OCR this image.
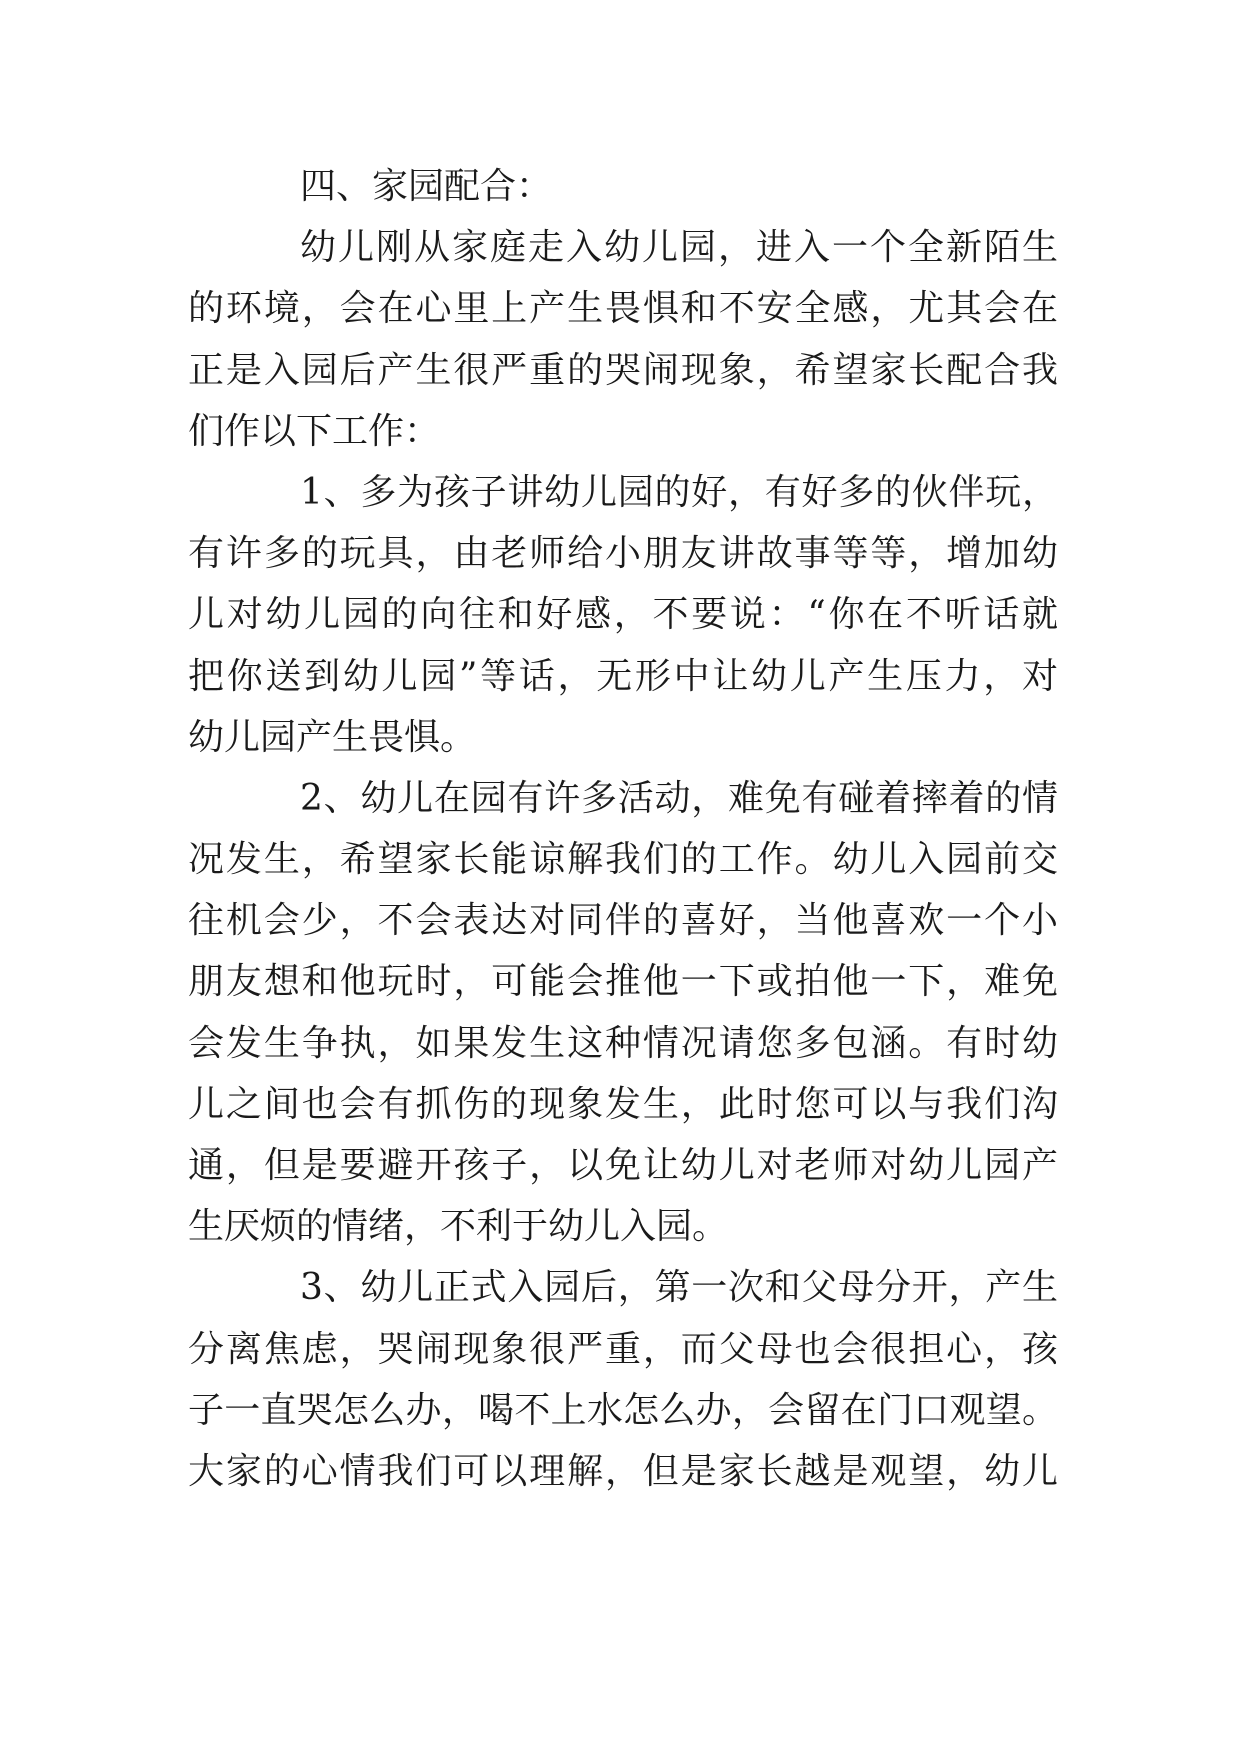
四、家园配合：
幼儿刚从家庭走入幼儿园，进入一个全新陌生
的环境，会在心里上产生畏惧和不安全感，尤其会在
正是入园后产生很严重的哭闹现象，希望家长配合我
们作以下工作：
1、多为孩子讲幼儿园的好，有好多的伙伴玩，
有许多的玩具，由老师给小朋友讲故事等等，增加幼
儿对幼儿园的向往和好感，不要说：“你在不听话就
把你送到幼儿园”等话，无形中让幼儿产生压力，对
幼儿园产生畏惧。
2、幼儿在园有许多活动，难免有碰着摔着的情
况发生，希望家长能谅解我们的工作。幼儿入园前交
往机会少，不会表达对同伴的喜好，当他喜欢一个小
朋友想和他玩时，可能会推他一下或拍他一下，难免
会发生争执，如果发生这种情况请您多包涵。有时幼
儿之间也会有抓伤的现象发生，此时您可以与我们沟
通，但是要避开孩子，以免让幼儿对老师对幼儿园产
生厌烦的情绪，不利于幼儿入园。
3、幼儿正式入园后，第一次和父母分开，产生
分离焦虑，哭闹现象很严重，而父母也会很担心，孩
子一直哭怎么办，喝不上水怎么办，会留在门口观望。
大家的心情我们可以理解，但是家长越是观望，幼儿
